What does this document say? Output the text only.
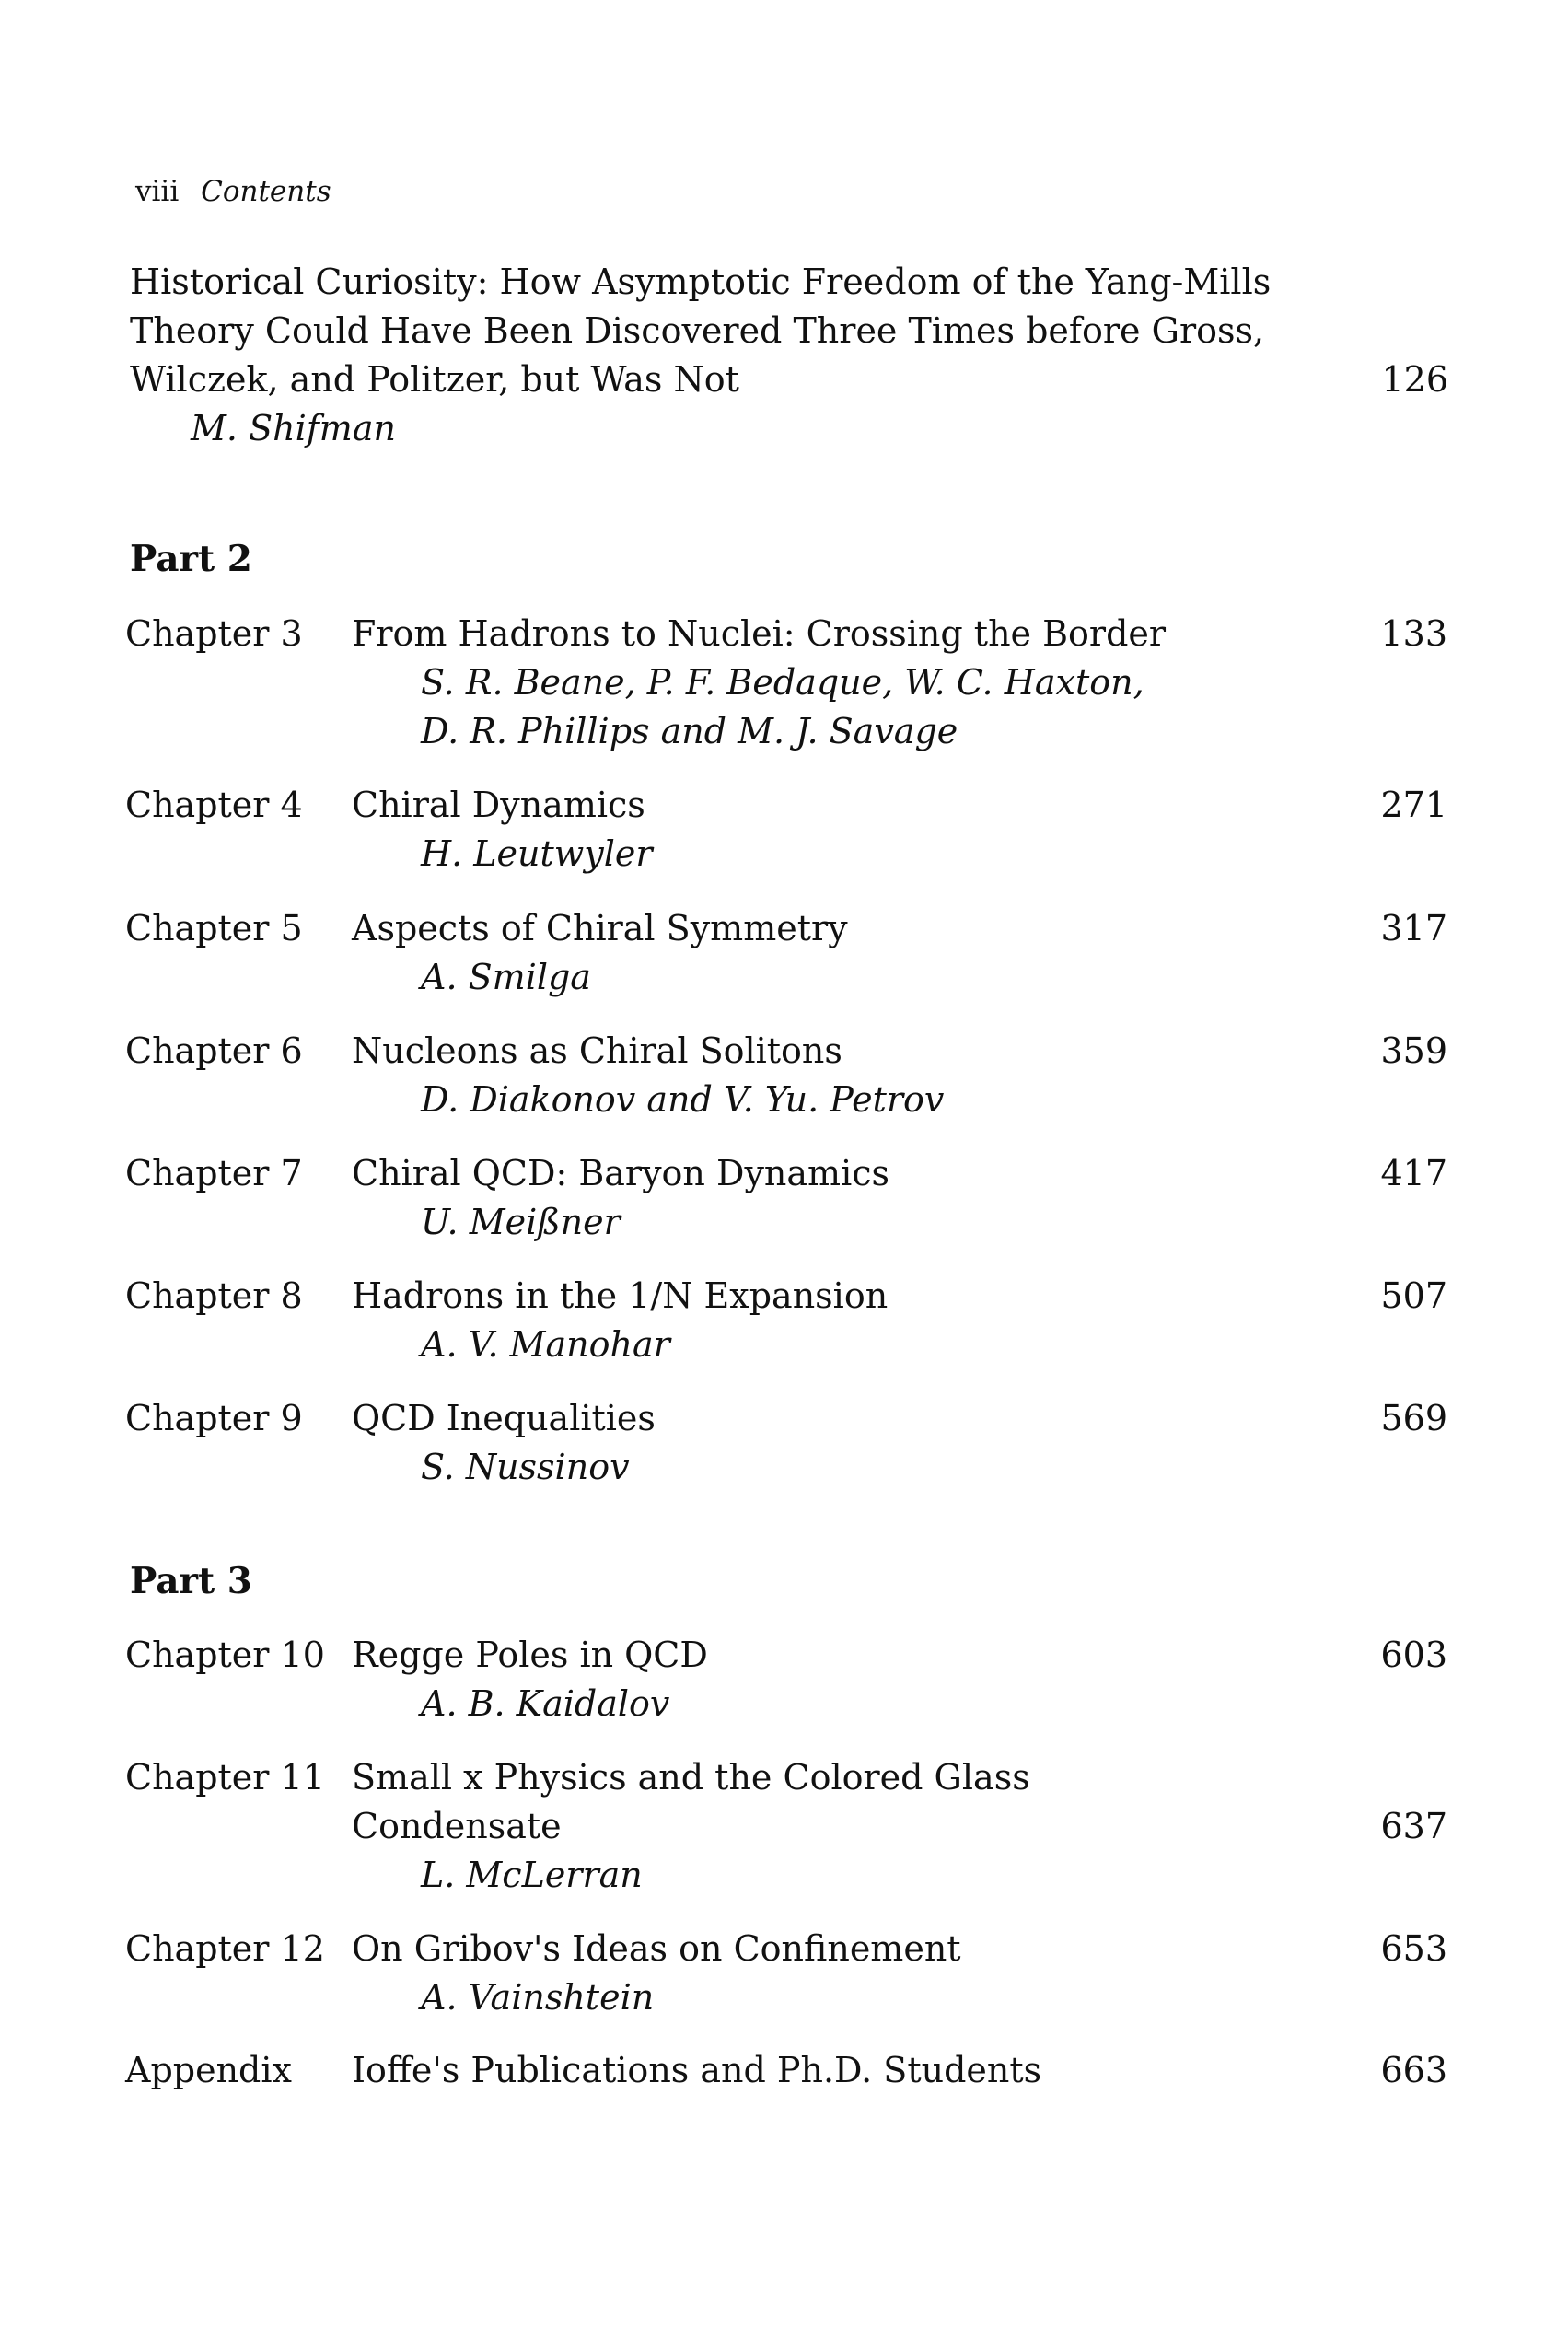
viii Contents
Historical Curiosity: How Asymptotic Freedom of the Yang-Mills
Theory Could Have Been Discovered Three Times before Gross,
Wilczek, and Politzer, but Was Not	126
M. Shifman
Part 2
Chapter 3 From Hadrons to Nuclei: Crossing the Border	133
S. R. Beane, P. F. Bedaque, W. C. Haxton,
D. R. Phillips and M. J. Savage
Chapter 4 Chiral Dynamics	271
H. Leutwyler
Chapter 5 Aspects of Chiral Symmetry	317
A. Smilga
Chapter 6 Nucleons as Chiral Solitons	359
D. Diakonov and V. Yu. Petrov
Chapter 7 Chiral QCD: Baryon Dynamics	417
U. Meißner
Chapter 8 Hadrons in the 1/N Expansion	507
A. V. Manohar
Chapter 9 QCD Inequalities	569
S. Nussinov
Part 3
Chapter 10 Regge Poles in QCD	603
A. B. Kaidalov
Chapter 11 Small x Physics and the Colored Glass
Condensate	637
L. McLerran
Chapter 12 On Gribov's Ideas on Confinement	653
A. Vainshtein
Appendix Ioffe's Publications and Ph.D. Students	663
